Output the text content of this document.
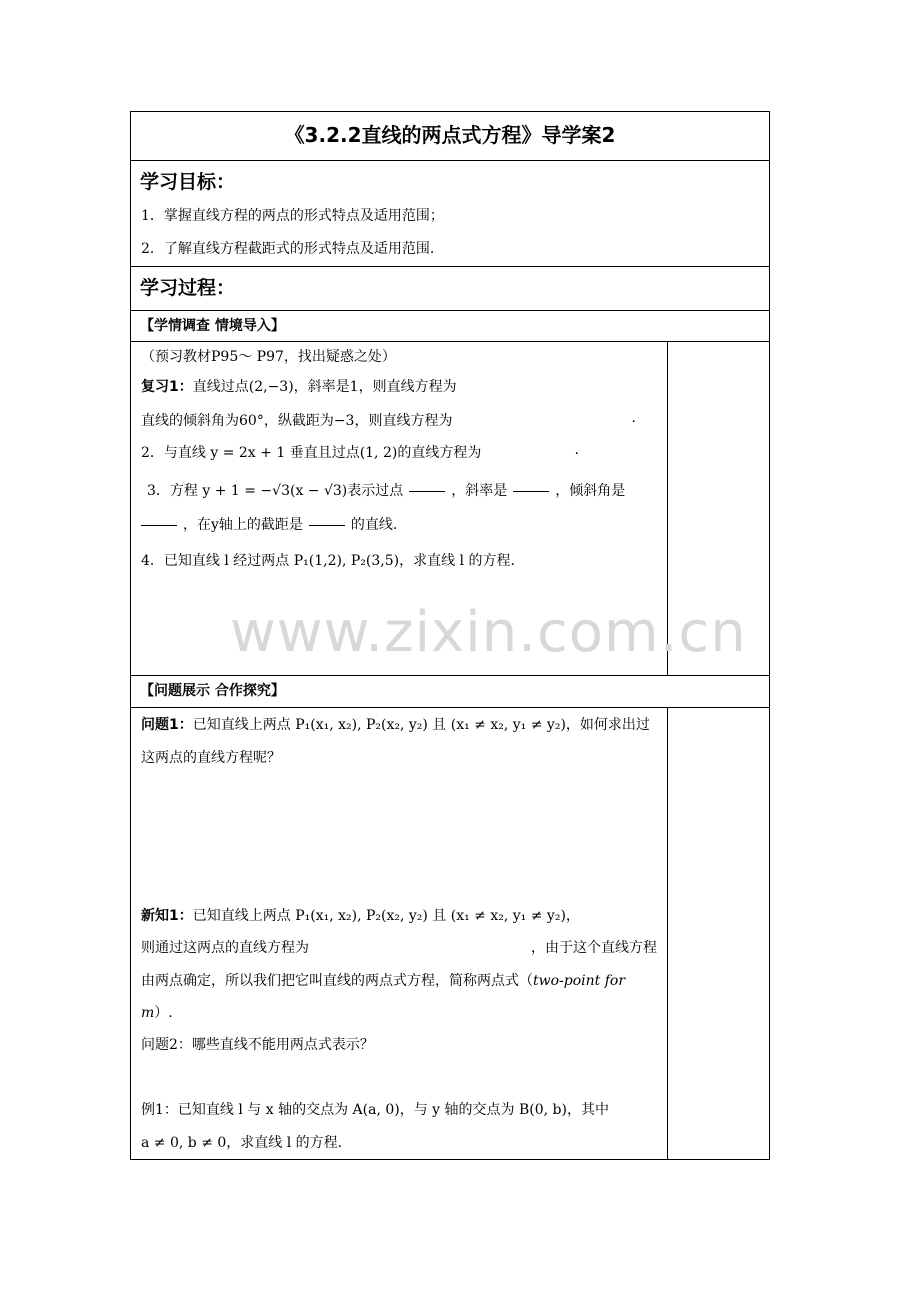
《3.2.2直线的两点式方程》导学案2
学习目标：
1．掌握直线方程的两点的形式特点及适用范围；
2．了解直线方程截距式的形式特点及适用范围.
学习过程：
【学情调查 情境导入】
（预习教材P95～ P97，找出疑惑之处）
复习1：直线过点(2,−3)，斜率是1，则直线方程为
直线的倾斜角为60°，纵截距为−3，则直线方程为	.
2．与直线 y = 2x + 1 垂直且过点(1, 2)的直线方程为	.
3．方程 y + 1 = −√3(x − √3)表示过点	，斜率是	，倾斜角是
，在y轴上的截距是	的直线.
4．已知直线 l 经过两点 P₁(1,2), P₂(3,5)，求直线 l 的方程.
【问题展示 合作探究】
问题1：已知直线上两点 P₁(x₁, x₂), P₂(x₂, y₂) 且 (x₁ ≠ x₂, y₁ ≠ y₂)，如何求出过
这两点的直线方程呢？
新知1：已知直线上两点 P₁(x₁, x₂), P₂(x₂, y₂) 且 (x₁ ≠ x₂, y₁ ≠ y₂)，
则通过这两点的直线方程为	，由于这个直线方程
由两点确定，所以我们把它叫直线的两点式方程，简称两点式（two-point for
m）.
问题2：哪些直线不能用两点式表示？
例1：已知直线 l 与 x 轴的交点为 A(a, 0)，与 y 轴的交点为 B(0, b)，其中
a ≠ 0, b ≠ 0，求直线 l 的方程.
www.zixin.com.cn
